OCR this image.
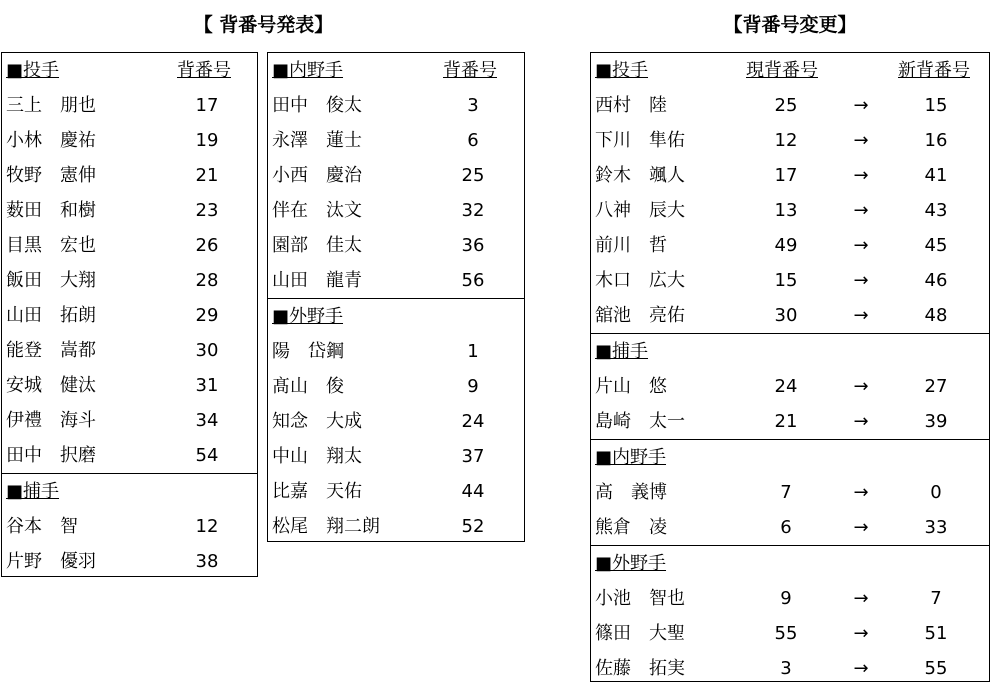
【 背番号発表】	【背番号変更】
■投手	背番号
三上　朋也	17
小林　慶祐	19
牧野　憲伸	21
薮田　和樹	23
目黒　宏也	26
飯田　大翔	28
山田　拓朗	29
能登　嵩都	30
安城　健汰	31
伊禮　海斗	34
田中　択磨	54
■捕手
谷本　智	12
片野　優羽	38
■内野手	背番号
田中　俊太	3
永澤　蓮士	6
小西　慶治	25
伴在　汰文	32
園部　佳太	36
山田　龍青	56
■外野手
陽　岱鋼	1
髙山　俊	9
知念　大成	24
中山　翔太	37
比嘉　天佑	44
松尾　翔二朗	52
■投手	現背番号	新背番号
西村　陸	25	→	15
下川　隼佑	12	→	16
鈴木　颯人	17	→	41
八神　辰大	13	→	43
前川　哲	49	→	45
木口　広大	15	→	46
舘池　亮佑	30	→	48
■捕手
片山　悠	24	→	27
島崎　太一	21	→	39
■内野手
高　義博	7	→	0
熊倉　凌	6	→	33
■外野手
小池　智也	9	→	7
篠田　大聖	55	→	51
佐藤　拓実	3	→	55
